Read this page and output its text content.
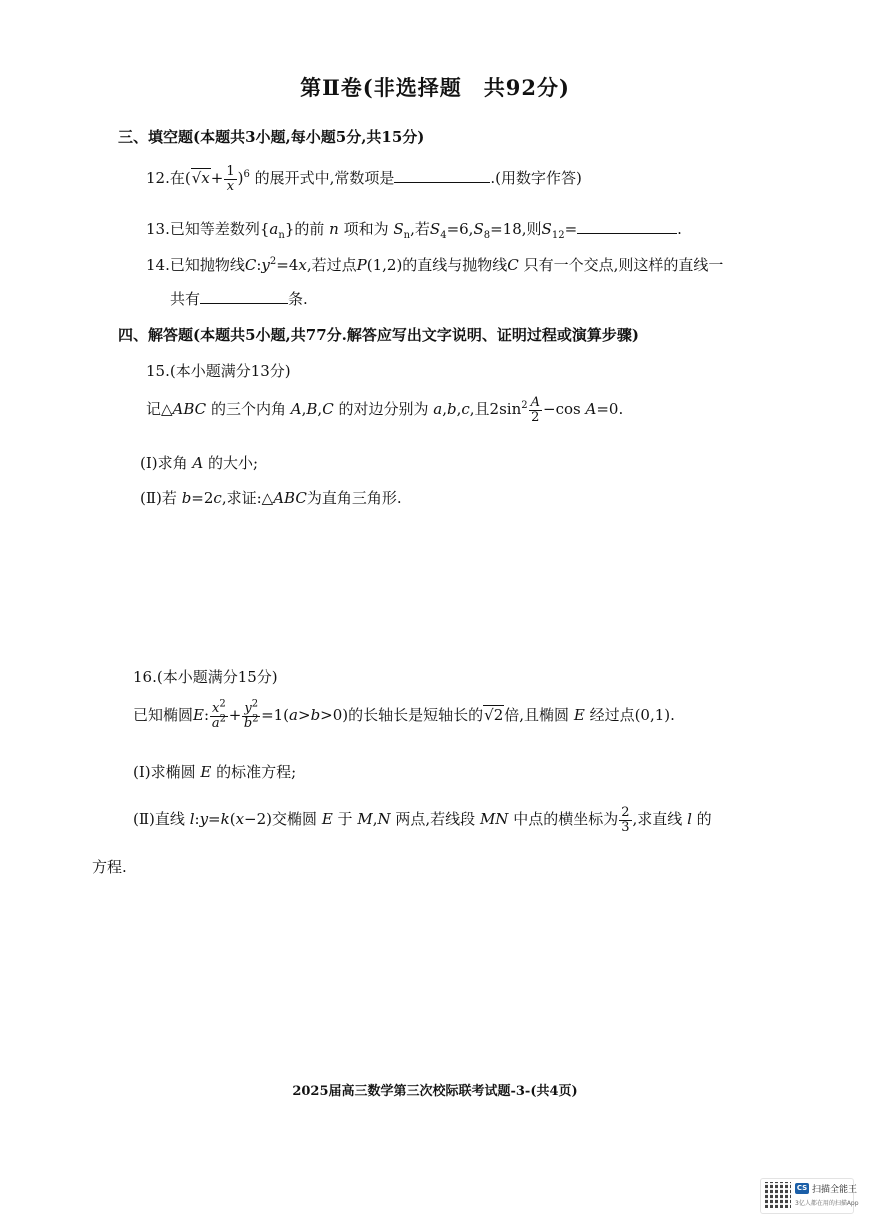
第Ⅱ卷(非选择题　共92分)
三、填空题(本题共3小题,每小题5分,共15分)
12.在$(√x+ \frac{1}{x} )^6$ 的展开式中,常数项是	.(用数字作答)
13.已知等差数列$\{a_n\}$的前 n 项和为 $S_n$,若$S_4=6,S_8=18$,则$S_{12}=$	.
14.已知抛物线$C:y^2=4x$,若过点P(1,2)的直线与抛物线C 只有一个交点,则这样的直线一
共有	条.
四、解答题(本题共5小题,共77分.解答应写出文字说明、证明过程或演算步骤)
15.(本小题满分13分)
记△ABC 的三个内角 A,B,C 的对边分别为 a,b,c,且$2\sin^2 \frac{A}{2} -\cos$ A=0.
(Ⅰ)求角 A 的大小;
(Ⅱ)若 b=2c,求证:△ABC为直角三角形.
16.(本小题满分15分)
已知椭圆E: $\frac{x^2}{a^2} + \frac{y^2}{b^2} =1(a>b>0)$的长轴长是短轴长的√2倍,且椭圆 E 经过点(0,1).
(Ⅰ)求椭圆 E 的标准方程;
(Ⅱ)直线 l:y=k(x−2)交椭圆 E 于 M,N 两点,若线段 MN 中点的横坐标为 $\frac{2}{3}$ ,求直线 l 的
方程.
2025届高三数学第三次校际联考试题-3-(共4页)
CS 扫描全能王
3亿人都在用的扫描App
